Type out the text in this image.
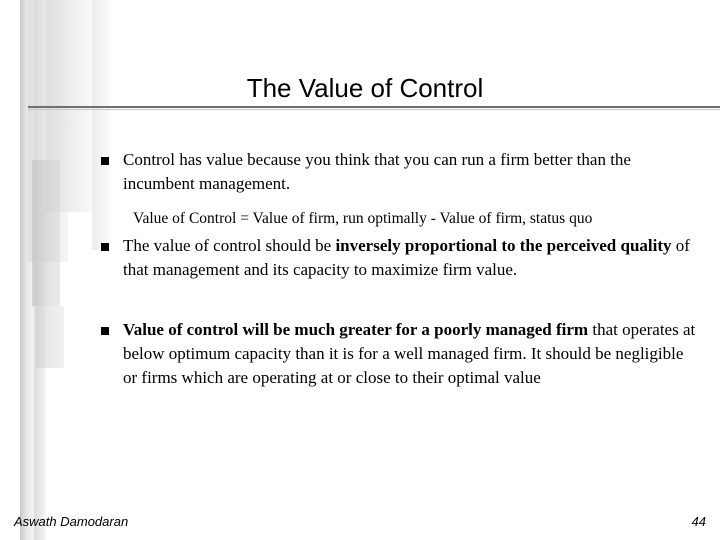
The Value of Control
Control has value because you think that you can run a firm better than the incumbent management.
Value of Control = Value of firm, run optimally - Value of firm, status quo
The value of control should be inversely proportional to the perceived quality of that management and its capacity to maximize firm value.
Value of control will be much greater for a poorly managed firm that operates at below optimum capacity than it is for a well managed firm. It should be negligible or firms which are operating at or close to their optimal value
Aswath Damodaran	44
